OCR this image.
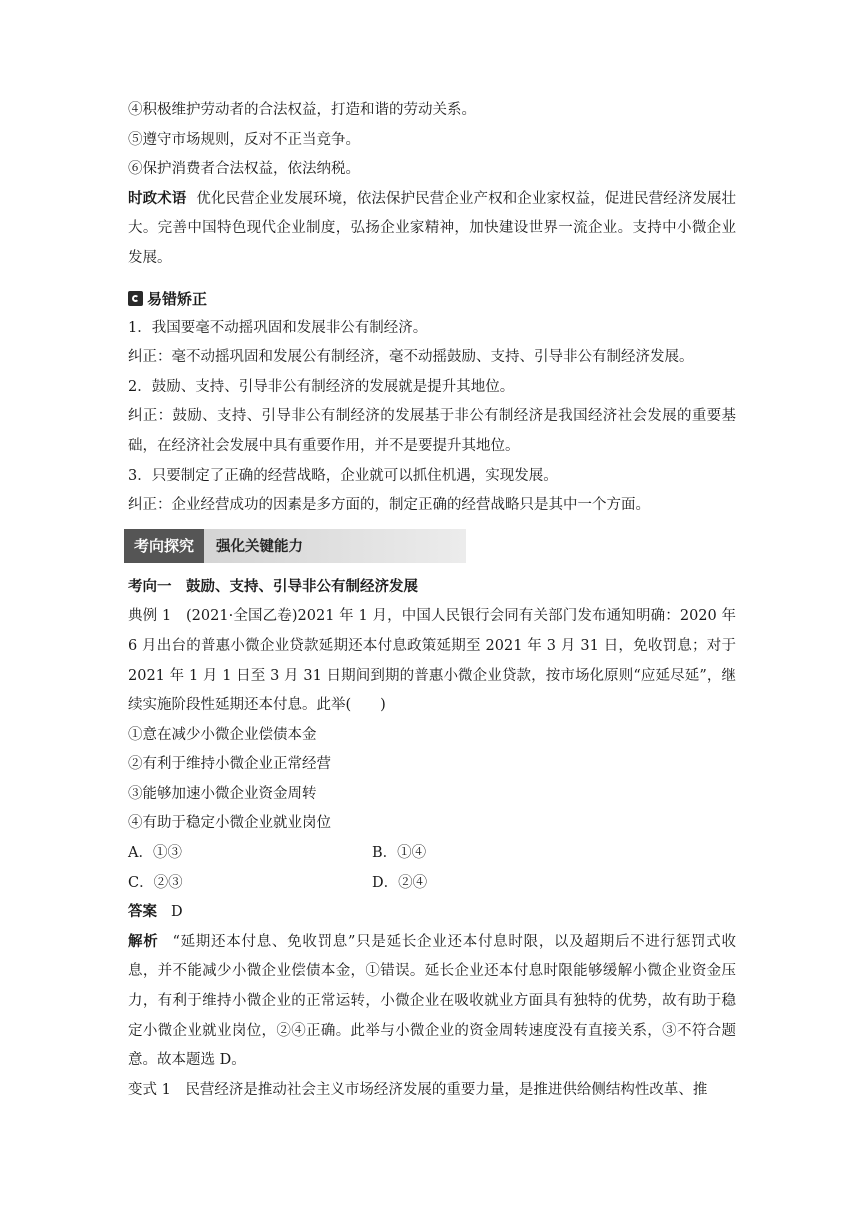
④积极维护劳动者的合法权益，打造和谐的劳动关系。
⑤遵守市场规则，反对不正当竞争。
⑥保护消费者合法权益，依法纳税。
时政术语 优化民营企业发展环境，依法保护民营企业产权和企业家权益，促进民营经济发展壮大。完善中国特色现代企业制度，弘扬企业家精神，加快建设世界一流企业。支持中小微企业发展。
易错矫正
1．我国要毫不动摇巩固和发展非公有制经济。
纠正：毫不动摇巩固和发展公有制经济，毫不动摇鼓励、支持、引导非公有制经济发展。
2．鼓励、支持、引导非公有制经济的发展就是提升其地位。
纠正：鼓励、支持、引导非公有制经济的发展基于非公有制经济是我国经济社会发展的重要基础，在经济社会发展中具有重要作用，并不是要提升其地位。
3．只要制定了正确的经营战略，企业就可以抓住机遇，实现发展。
纠正：企业经营成功的因素是多方面的，制定正确的经营战略只是其中一个方面。
考向探究	强化关键能力
考向一　鼓励、支持、引导非公有制经济发展
典例 1　(2021·全国乙卷)2021 年 1 月，中国人民银行会同有关部门发布通知明确：2020 年 6 月出台的普惠小微企业贷款延期还本付息政策延期至 2021 年 3 月 31 日，免收罚息；对于 2021 年 1 月 1 日至 3 月 31 日期间到期的普惠小微企业贷款，按市场化原则“应延尽延”，继续实施阶段性延期还本付息。此举(　　)
①意在减少小微企业偿债本金
②有利于维持小微企业正常经营
③能够加速小微企业资金周转
④有助于稳定小微企业就业岗位
A．①③	B．①④
C．②③	D．②④
答案 D
解析 “延期还本付息、免收罚息”只是延长企业还本付息时限，以及超期后不进行惩罚式收息，并不能减少小微企业偿债本金，①错误。延长企业还本付息时限能够缓解小微企业资金压力，有利于维持小微企业的正常运转，小微企业在吸收就业方面具有独特的优势，故有助于稳定小微企业就业岗位，②④正确。此举与小微企业的资金周转速度没有直接关系，③不符合题意。故本题选 D。
变式 1　民营经济是推动社会主义市场经济发展的重要力量，是推进供给侧结构性改革、推
